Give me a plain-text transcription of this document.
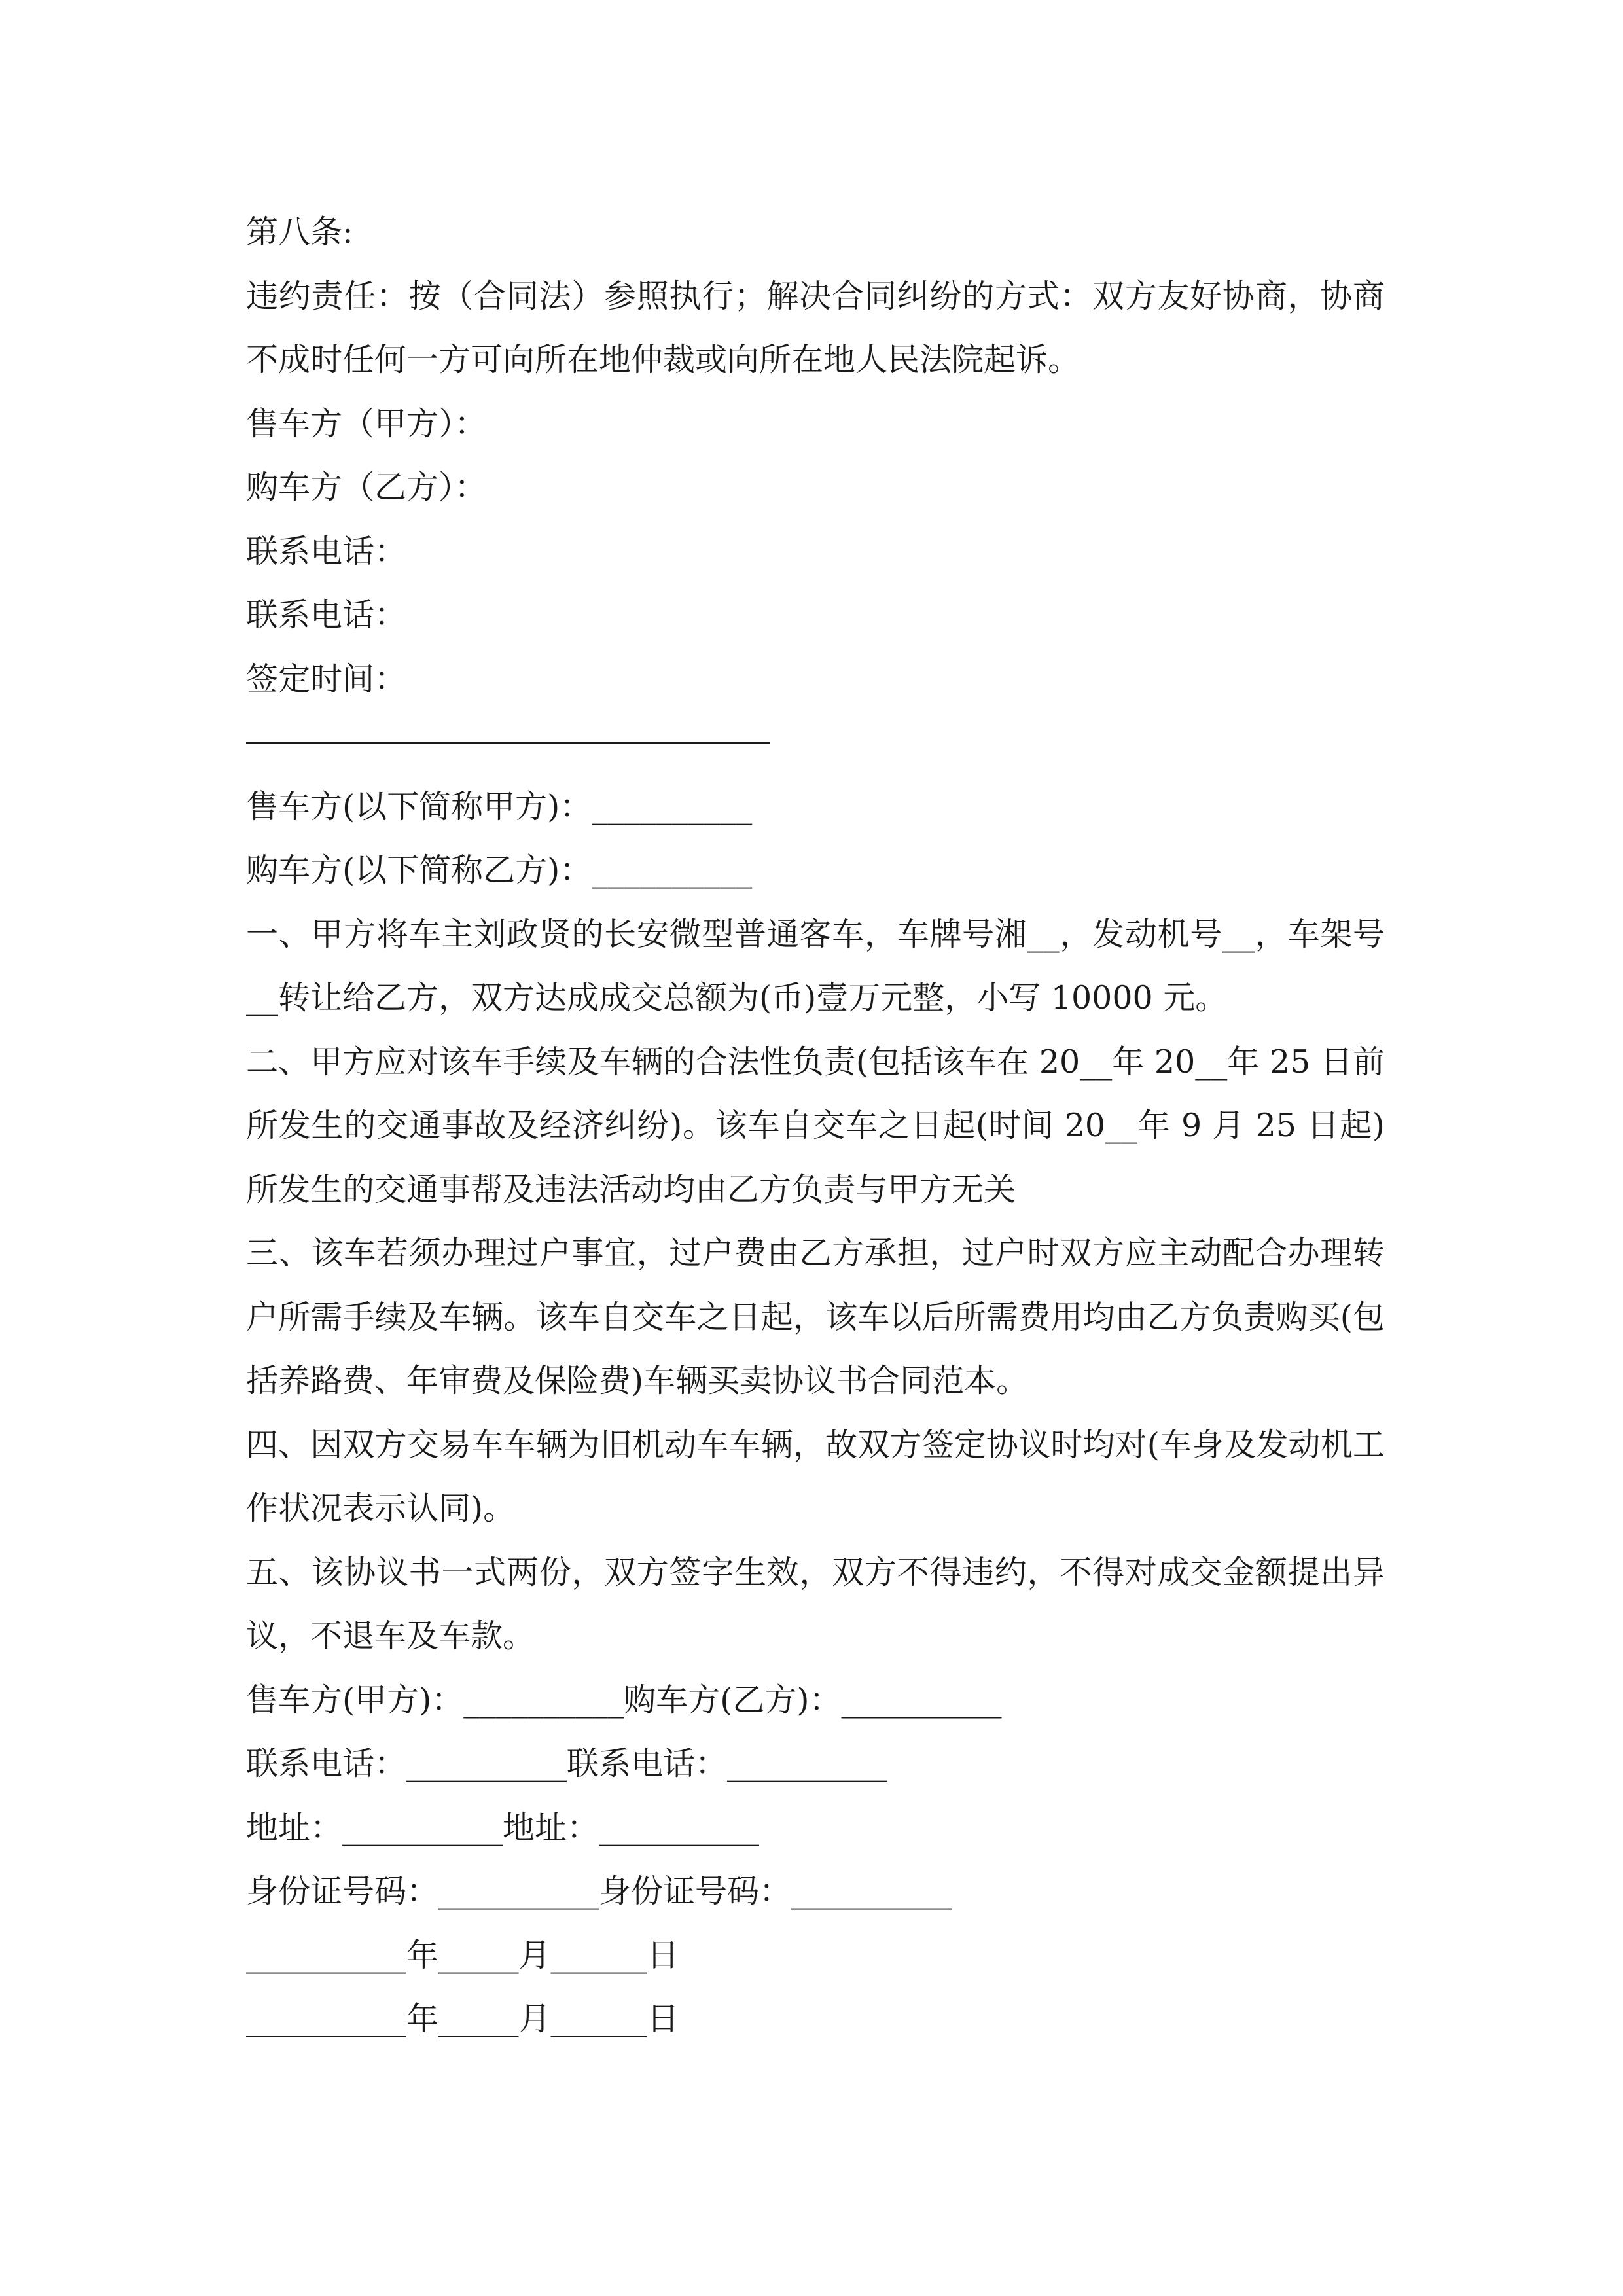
第八条:
违约责任：按（合同法）参照执行；解决合同纠纷的方式：双方友好协商，协商不成时任何一方可向所在地仲裁或向所在地人民法院起诉。
售车方（甲方）：
购车方（乙方）：
联系电话：
联系电话：
签定时间：
售车方(以下简称甲方)：__________
购车方(以下简称乙方)：__________
一、甲方将车主刘政贤的长安微型普通客车，车牌号湘__，发动机号__，车架号__转让给乙方，双方达成成交总额为(币)壹万元整，小写 10000 元。
二、甲方应对该车手续及车辆的合法性负责(包括该车在 20__年 20__年 25 日前所发生的交通事故及经济纠纷)。该车自交车之日起(时间 20__年 9 月 25 日起)所发生的交通事帮及违法活动均由乙方负责与甲方无关
三、该车若须办理过户事宜，过户费由乙方承担，过户时双方应主动配合办理转户所需手续及车辆。该车自交车之日起，该车以后所需费用均由乙方负责购买(包括养路费、年审费及保险费)车辆买卖协议书合同范本。
四、因双方交易车车辆为旧机动车车辆，故双方签定协议时均对(车身及发动机工作状况表示认同)。
五、该协议书一式两份，双方签字生效，双方不得违约，不得对成交金额提出异议，不退车及车款。
售车方(甲方)：__________购车方(乙方)：__________
联系电话：__________联系电话：__________
地址：__________地址：__________
身份证号码：__________身份证号码：__________
__________年_____月______日
__________年_____月______日
